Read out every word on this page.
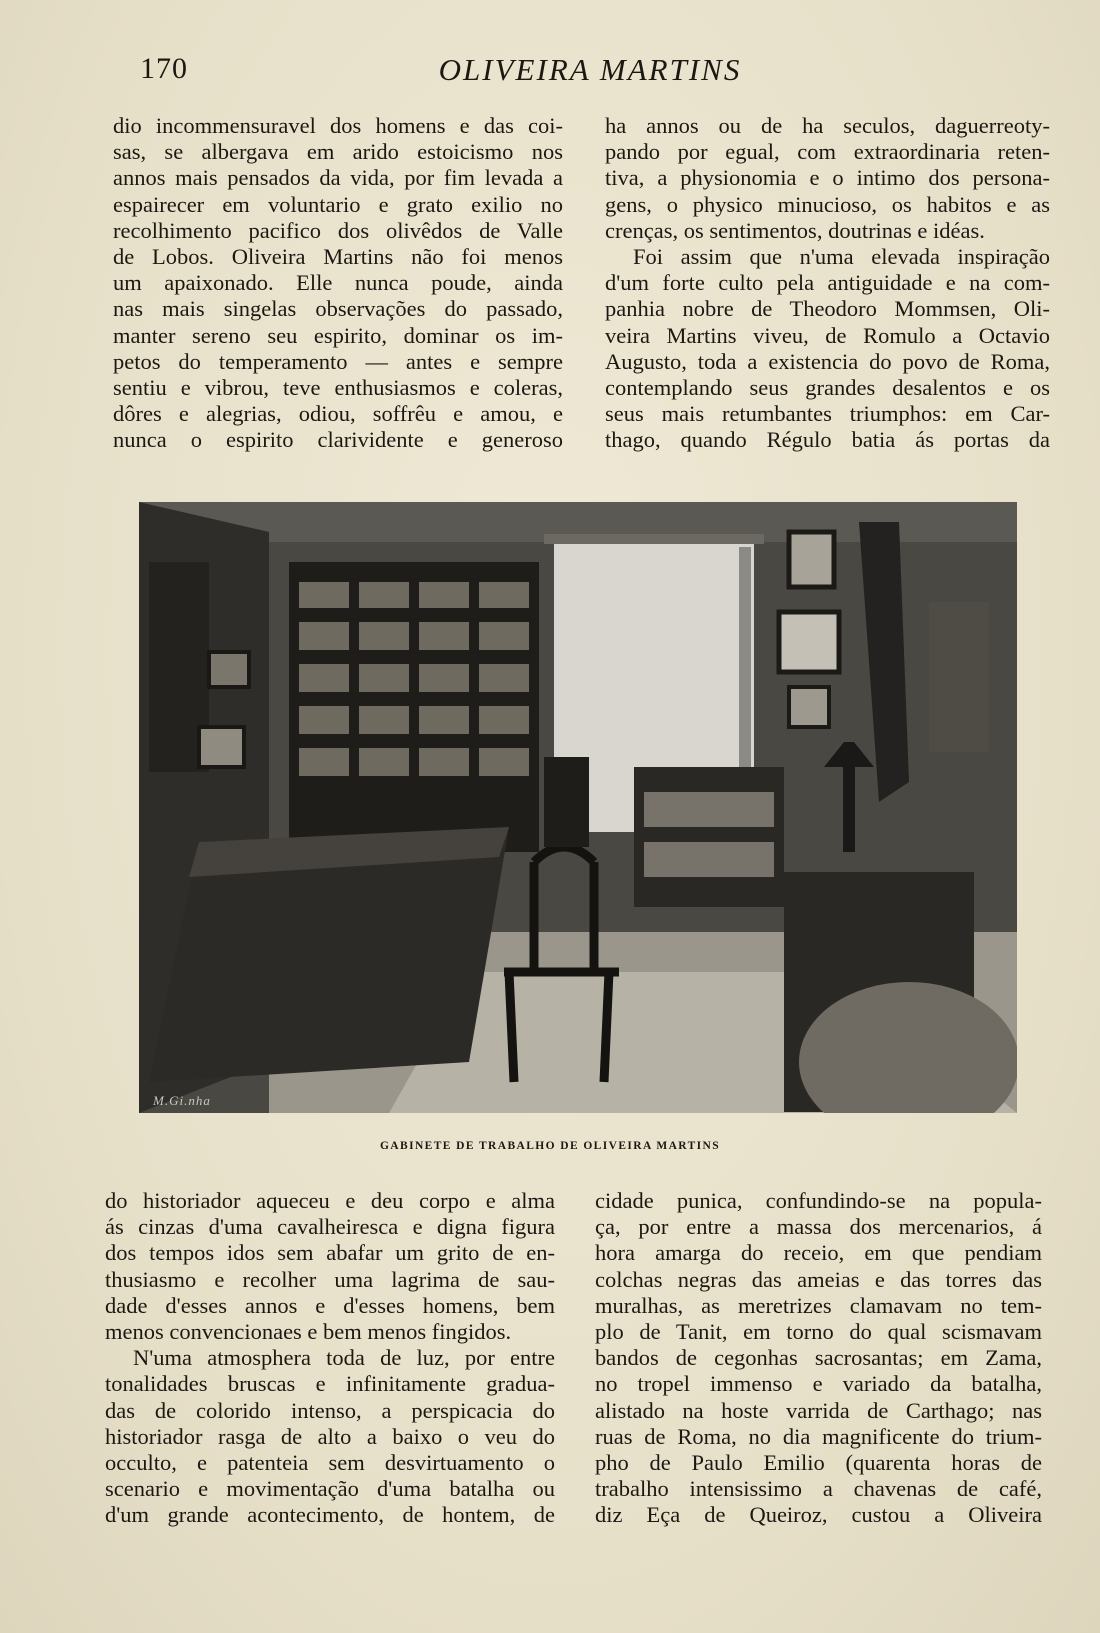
170	OLIVEIRA MARTINS
dio incommensuravel dos homens e das coi-
sas, se albergava em arido estoicismo nos
annos mais pensados da vida, por fim levada a
espairecer em voluntario e grato exilio no
recolhimento pacifico dos olivêdos de Valle
de Lobos. Oliveira Martins não foi menos
um apaixonado. Elle nunca poude, ainda
nas mais singelas observações do passado,
manter sereno seu espirito, dominar os im-
petos do temperamento — antes e sempre
sentiu e vibrou, teve enthusiasmos e coleras,
dôres e alegrias, odiou, soffrêu e amou, e
nunca o espirito clarividente e generoso
ha annos ou de ha seculos, daguerreoty-
pando por egual, com extraordinaria reten-
tiva, a physionomia e o intimo dos persona-
gens, o physico minucioso, os habitos e as
crenças, os sentimentos, doutrinas e idéas.
Foi assim que n'uma elevada inspiração
d'um forte culto pela antiguidade e na com-
panhia nobre de Theodoro Mommsen, Oli-
veira Martins viveu, de Romulo a Octavio
Augusto, toda a existencia do povo de Roma,
contemplando seus grandes desalentos e os
seus mais retumbantes triumphos: em Car-
thago, quando Régulo batia ás portas da
M.Gi.nha
GABINETE DE TRABALHO DE OLIVEIRA MARTINS
do historiador aqueceu e deu corpo e alma
ás cinzas d'uma cavalheiresca e digna figura
dos tempos idos sem abafar um grito de en-
thusiasmo e recolher uma lagrima de sau-
dade d'esses annos e d'esses homens, bem
menos convencionaes e bem menos fingidos.
N'uma atmosphera toda de luz, por entre
tonalidades bruscas e infinitamente gradua-
das de colorido intenso, a perspicacia do
historiador rasga de alto a baixo o veu do
occulto, e patenteia sem desvirtuamento o
scenario e movimentação d'uma batalha ou
d'um grande acontecimento, de hontem, de
cidade punica, confundindo-se na popula-
ça, por entre a massa dos mercenarios, á
hora amarga do receio, em que pendiam
colchas negras das ameias e das torres das
muralhas, as meretrizes clamavam no tem-
plo de Tanit, em torno do qual scismavam
bandos de cegonhas sacrosantas; em Zama,
no tropel immenso e variado da batalha,
alistado na hoste varrida de Carthago; nas
ruas de Roma, no dia magnificente do trium-
pho de Paulo Emilio (quarenta horas de
trabalho intensissimo a chavenas de café,
diz Eça de Queiroz, custou a Oliveira
